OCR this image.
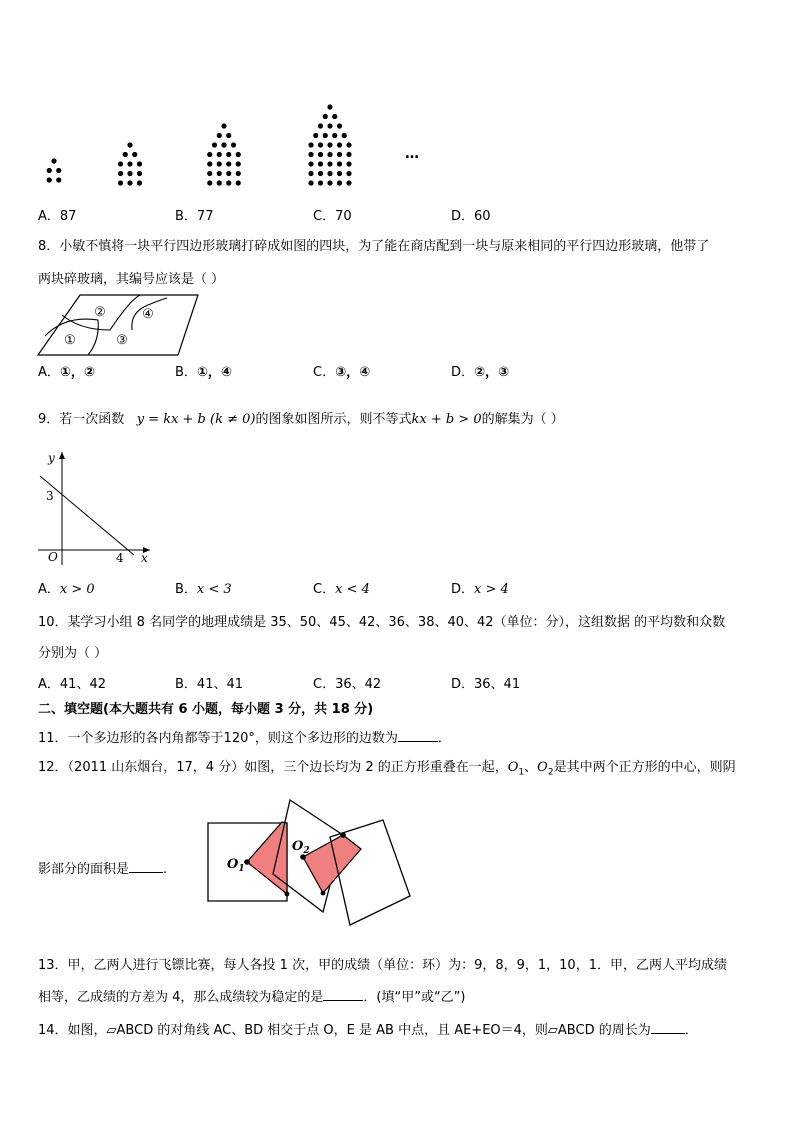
…
A．87	B．77	C．70	D．60
8．小敏不慎将一块平行四边形玻璃打碎成如图的四块，为了能在商店配到一块与原来相同的平行四边形玻璃，他带了
两块碎玻璃，其编号应该是（ ）
②	④
①	③
A．①，②	B．①，④	C．③，④	D．②，③
9．若一次函数 y = kx + b (k ≠ 0)的图象如图所示，则不等式kx + b > 0的解集为（ ）
y
x
O
3
4
A．x > 0	B．x < 3	C．x < 4	D．x > 4
10．某学习小组 8 名同学的地理成绩是 35、50、45、42、36、38、40、42（单位：分），这组数据 的平均数和众数
分别为（ ）
A．41、42	B．41、41	C．36、42	D．36、41
二、填空题(本大题共有 6 小题，每小题 3 分，共 18 分)
11．一个多边形的各内角都等于120°，则这个多边形的边数为	．
12．（2011 山东烟台，17，4 分）如图，三个边长均为 2 的正方形重叠在一起，$O_1$、$O_2$是其中两个正方形的中心，则阴
影部分的面积是	.	$O_1$
$O_2$
13．甲，乙两人进行飞镖比赛，每人各投 1 次，甲的成绩（单位：环）为：9，8，9，1，10，1．甲，乙两人平均成绩
相等，乙成绩的方差为 4，那么成绩较为稳定的是	．(填“甲”或“乙”)
14．如图，▱ABCD 的对角线 AC、BD 相交于点 O，E 是 AB 中点，且 AE+EO＝4，则▱ABCD 的周长为	．
